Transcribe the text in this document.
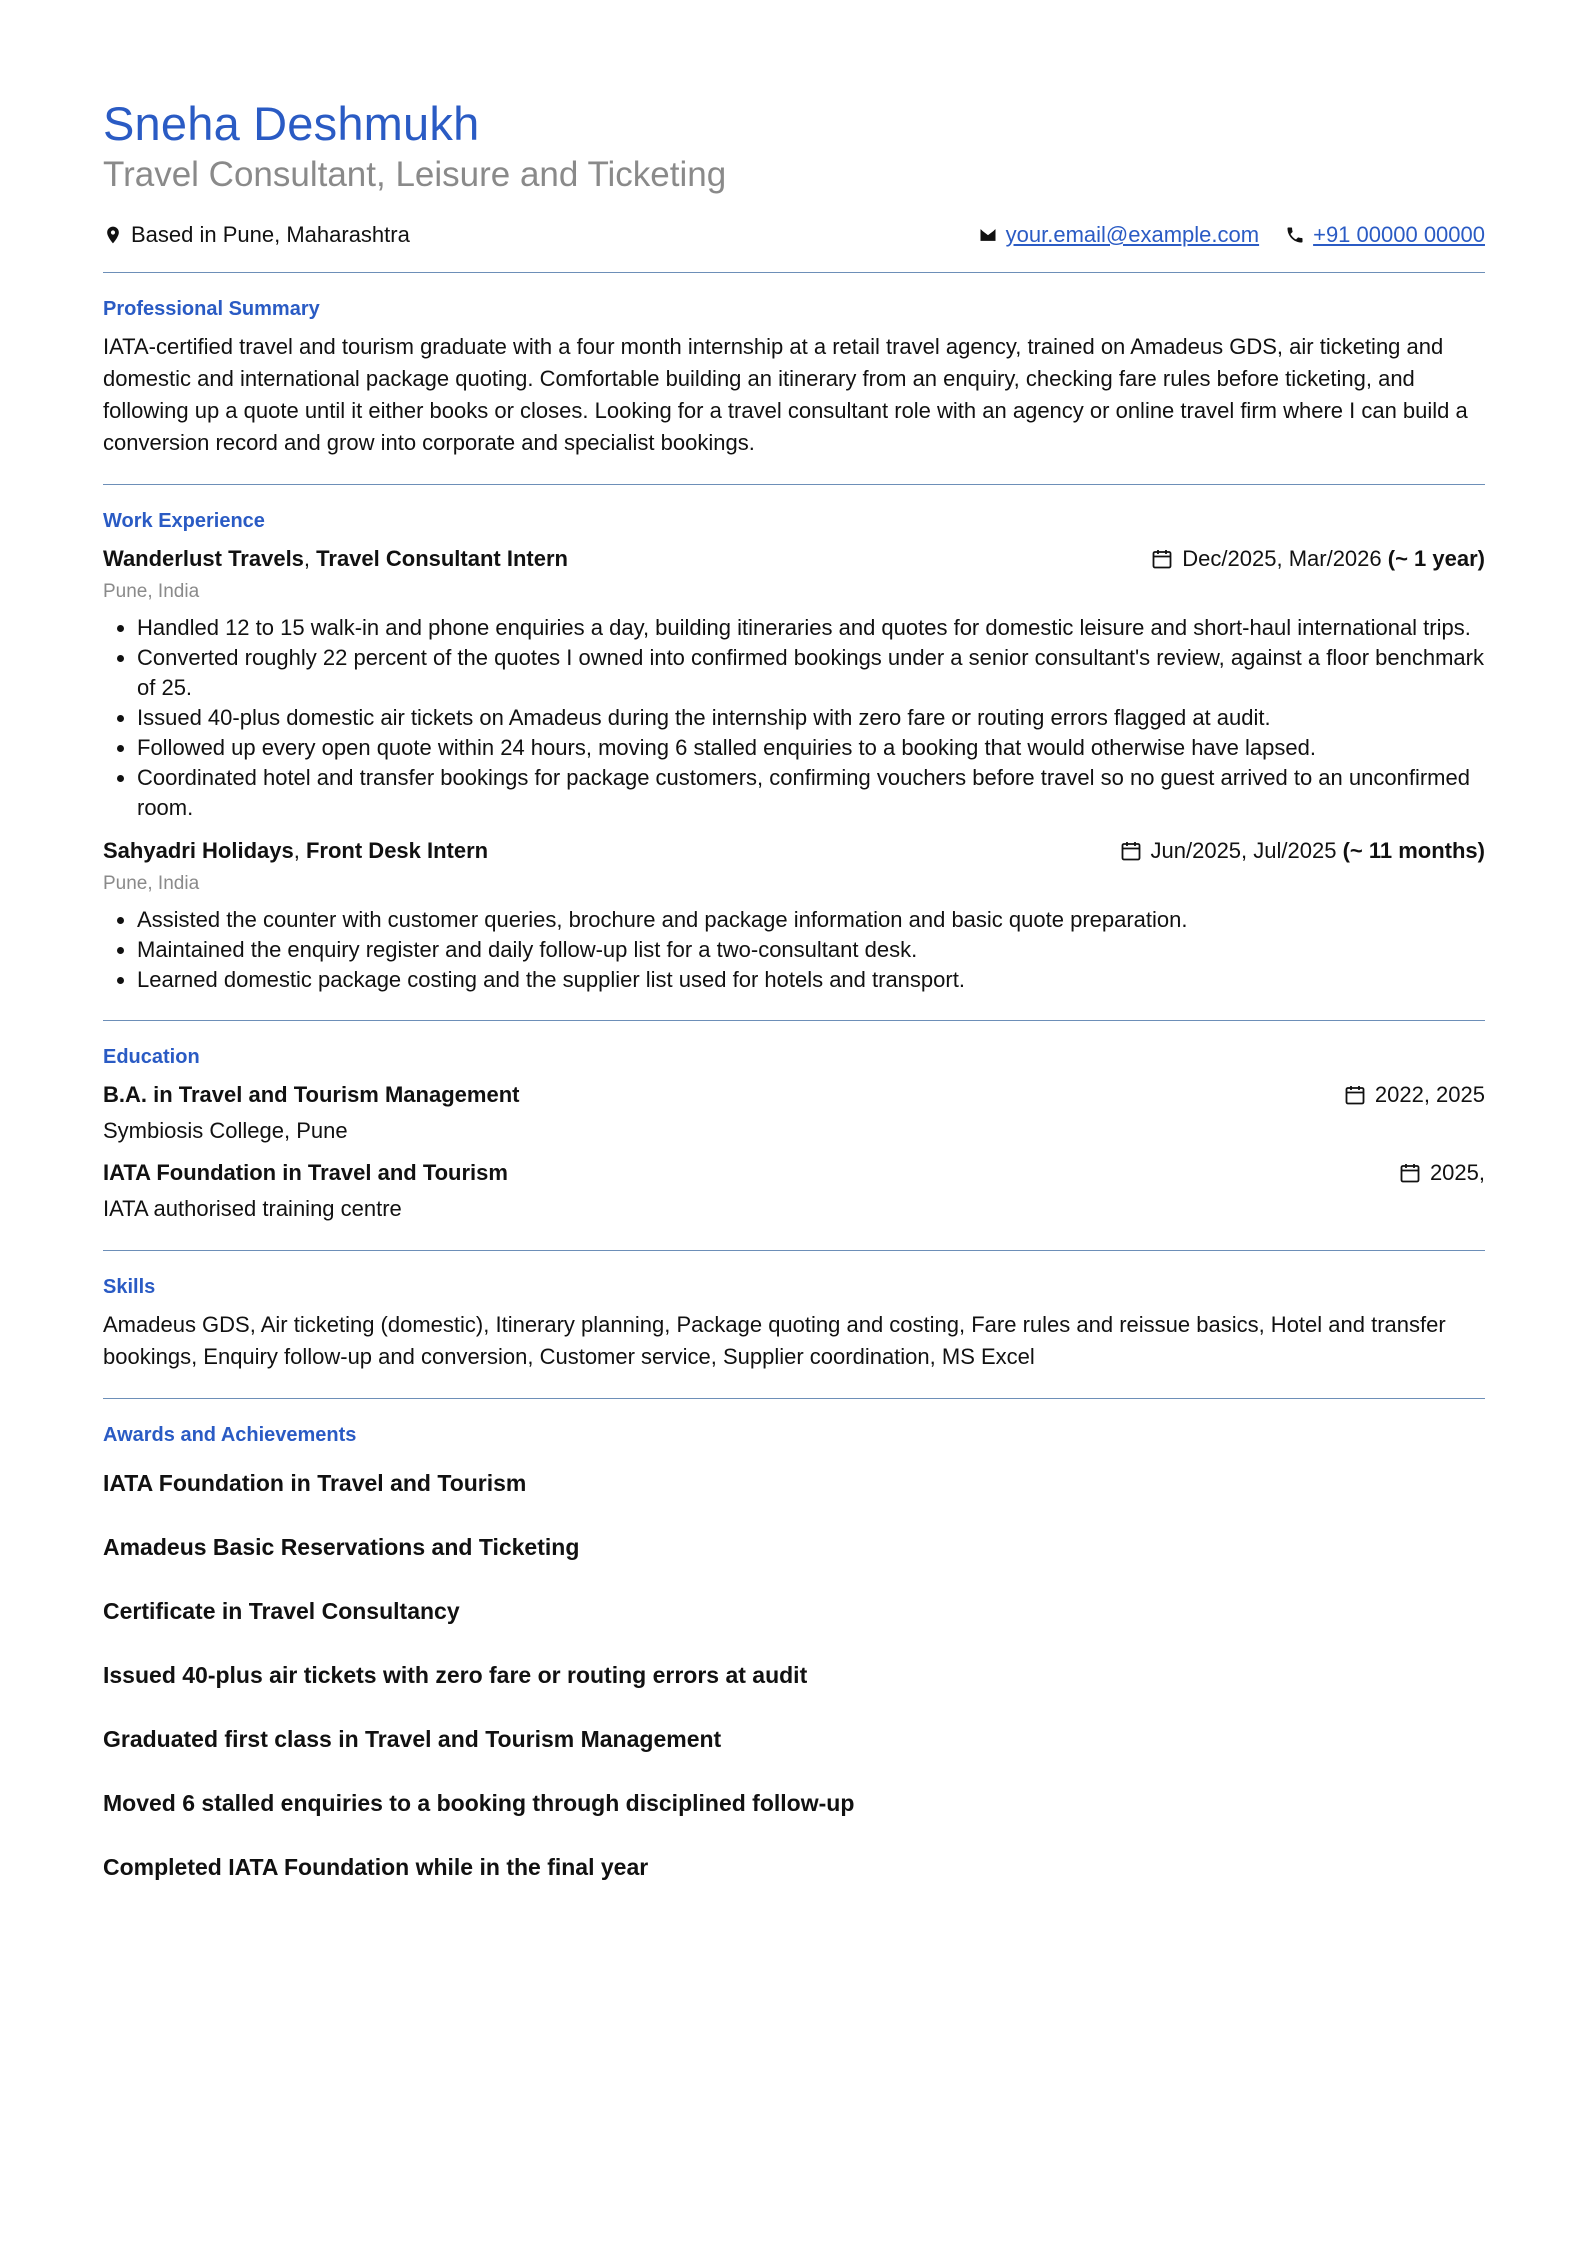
Sneha Deshmukh
Travel Consultant, Leisure and Ticketing
Based in Pune, Maharashtra	your.email@example.com +91 00000 00000
Professional Summary

IATA-certified travel and tourism graduate with a four month internship at a retail travel agency, trained on Amadeus GDS, air ticketing and domestic and international package quoting. Comfortable building an itinerary from an enquiry, checking fare rules before ticketing, and following up a quote until it either books or closes. Looking for a travel consultant role with an agency or online travel firm where I can build a conversion record and grow into corporate and specialist bookings.

Work Experience
Wanderlust Travels, Travel Consultant Intern	Dec/2025, Mar/2026
(~ 1 year)
Pune, India
• Handled 12 to 15 walk-in and phone enquiries a day, building itineraries and quotes for domestic leisure and short-haul international trips.
• Converted roughly 22 percent of the quotes I owned into confirmed bookings under a senior consultant's review, against a floor benchmark of 25.
• Issued 40-plus domestic air tickets on Amadeus during the internship with zero fare or routing errors flagged at audit.
• Followed up every open quote within 24 hours, moving 6 stalled enquiries to a booking that would otherwise have lapsed.
• Coordinated hotel and transfer bookings for package customers, confirming vouchers before travel so no guest arrived to an unconfirmed room.
Sahyadri Holidays, Front Desk Intern	Jun/2025, Jul/2025
(~ 11 months)
Pune, India
• Assisted the counter with customer queries, brochure and package information and basic quote preparation.
• Maintained the enquiry register and daily follow-up list for a two-consultant desk.
• Learned domestic package costing and the supplier list used for hotels and transport.
Education
B.A. in Travel and Tourism Management	2022, 2025
Symbiosis College, Pune
IATA Foundation in Travel and Tourism	2025,
IATA authorised training centre
Skills

Amadeus GDS, Air ticketing (domestic), Itinerary planning, Package quoting and costing, Fare rules and reissue basics, Hotel and transfer bookings, Enquiry follow-up and conversion, Customer service, Supplier coordination, MS Excel

Awards and Achievements

IATA Foundation in Travel and Tourism

Amadeus Basic Reservations and Ticketing

Certificate in Travel Consultancy

Issued 40-plus air tickets with zero fare or routing errors at audit

Graduated first class in Travel and Tourism Management

Moved 6 stalled enquiries to a booking through disciplined follow-up

Completed IATA Foundation while in the final year
